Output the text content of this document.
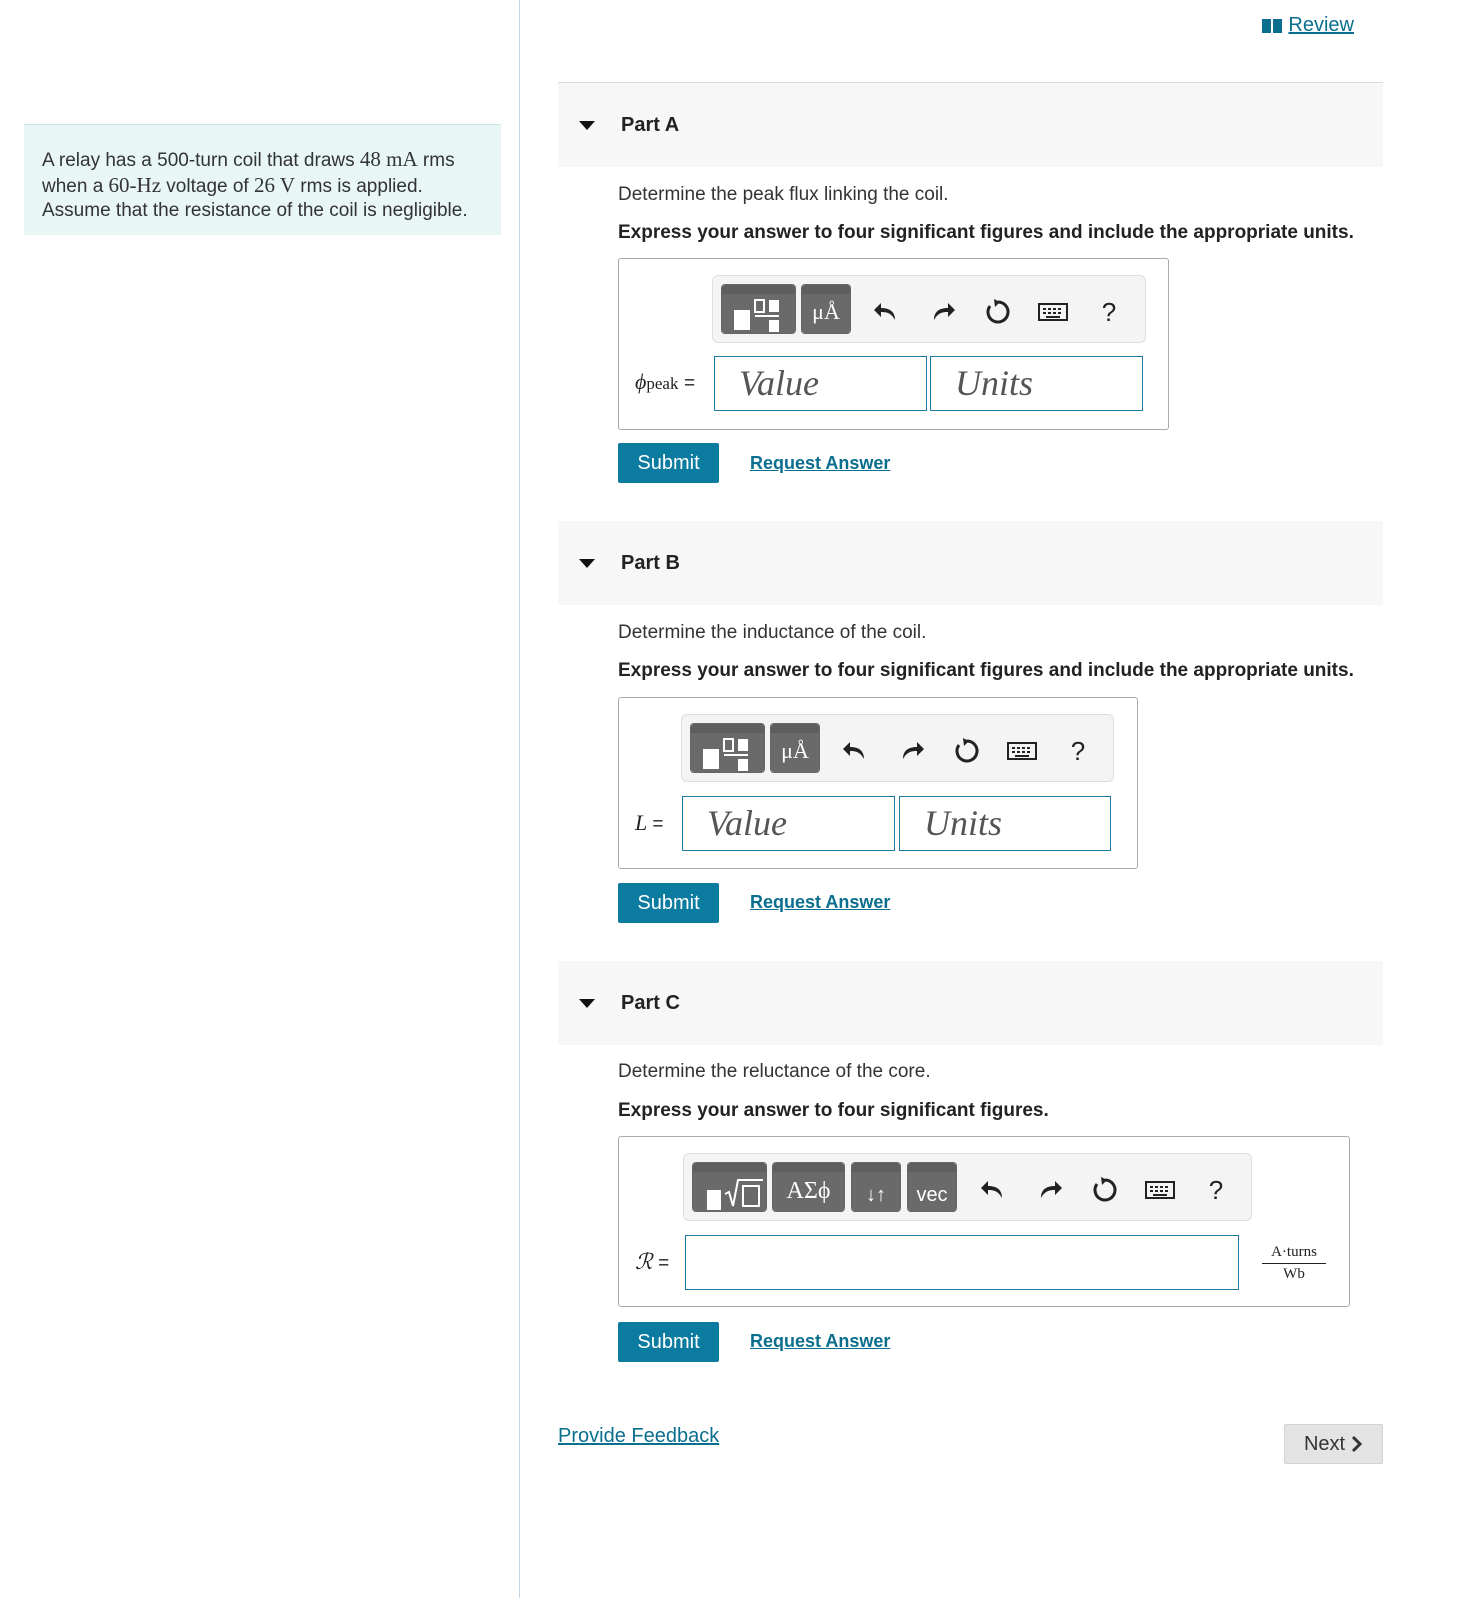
A relay has a 500-turn coil that draws 48 mA rms when a 60-Hz voltage of 26 V rms is applied. Assume that the resistance of the coil is negligible.
Review
Part A
Determine the peak flux linking the coil.
Express your answer to four significant figures and include the appropriate units.
μÅ	?
ϕpeak =	Value	Units
Submit	Request Answer
Part B
Determine the inductance of the coil.
Express your answer to four significant figures and include the appropriate units.
μÅ	?
L =	Value	Units
Submit	Request Answer
Part C
Determine the reluctance of the core.
Express your answer to four significant figures.
ΑΣϕ	↓↑	vec	?
ℛ =
A·turns
Wb
Submit	Request Answer
Provide Feedback	Next
